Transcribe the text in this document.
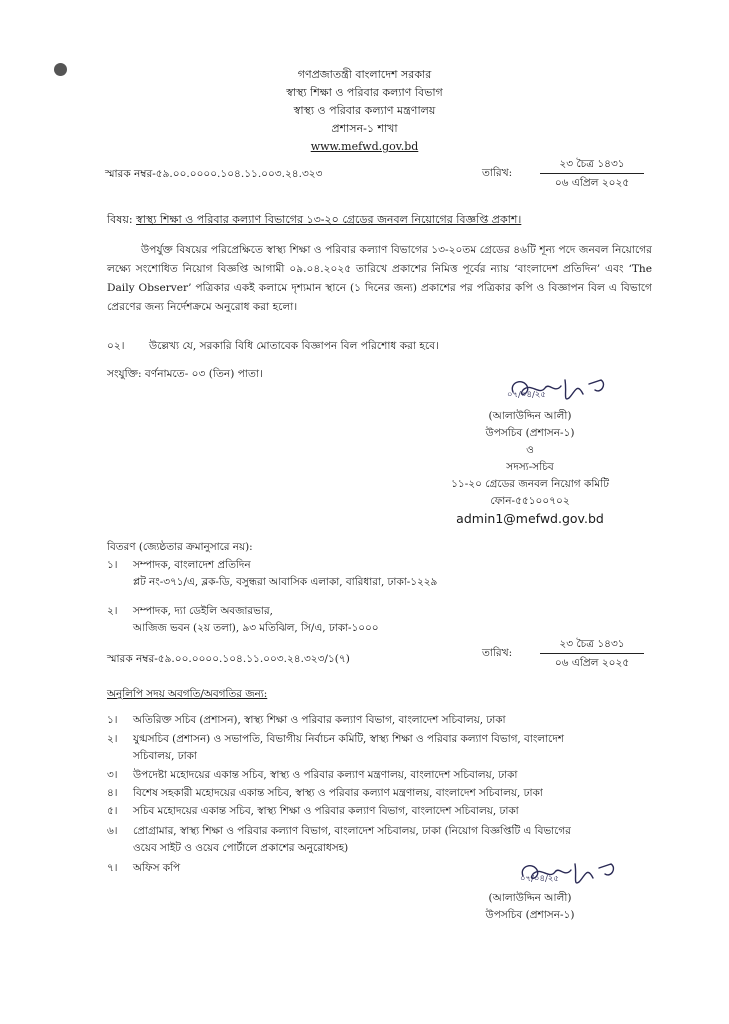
গণপ্রজাতন্ত্রী বাংলাদেশ সরকার
স্বাস্থ্য শিক্ষা ও পরিবার কল্যাণ বিভাগ
স্বাস্থ্য ও পরিবার কল্যাণ মন্ত্রণালয়
প্রশাসন-১ শাখা
www.mefwd.gov.bd
স্মারক নম্বর-৫৯.০০.০০০০.১০৪.১১.০০৩.২৪.৩২৩	তারিখ:
২৩ চৈত্র ১৪৩১
০৬ এপ্রিল ২০২৫
বিষয়: স্বাস্থ্য শিক্ষা ও পরিবার কল্যাণ বিভাগের ১৩-২০ গ্রেডের জনবল নিয়োগের বিজ্ঞপ্তি প্রকাশ।
উপর্যুক্ত বিষয়ের পরিপ্রেক্ষিতে স্বাস্থ্য শিক্ষা ও পরিবার কল্যাণ বিভাগের ১৩-২০তম গ্রেডের ৪৬টি শূন্য পদে জনবল নিয়োগের লক্ষ্যে সংশোধিত নিয়োগ বিজ্ঞপ্তি আগামী ০৯.০৪.২০২৫ তারিখে প্রকাশের নিমিত্ত পূর্বের ন্যায় ‘বাংলাদেশ প্রতিদিন’ এবং ‘The Daily Observer’ পত্রিকার একই কলামে দৃশ্যমান স্থানে (১ দিনের জন্য) প্রকাশের পর পত্রিকার কপি ও বিজ্ঞাপন বিল এ বিভাগে প্রেরণের জন্য নির্দেশক্রমে অনুরোধ করা হলো।
০২। উল্লেখ্য যে, সরকারি বিধি মোতাবেক বিজ্ঞাপন বিল পরিশোধ করা হবে।
সংযুক্তি: বর্ণনামতে- ০৩ (তিন) পাতা।
০৭/০৪/২৫
(আলাউদ্দিন আলী)
উপসচিব (প্রশাসন-১)
ও
সদস্য-সচিব
১১-২০ গ্রেডের জনবল নিয়োগ কমিটি
ফোন-৫৫১০০৭০২
admin1@mefwd.gov.bd
বিতরণ (জ্যেষ্ঠতার ক্রমানুসারে নয়):
১। সম্পাদক, বাংলাদেশ প্রতিদিন
প্লট নং-৩৭১/এ, ব্লক-ডি, বসুন্ধরা আবাসিক এলাকা, বারিধারা, ঢাকা-১২২৯
২। সম্পাদক, দ্যা ডেইলি অবজারভার,
আজিজ ভবন (২য় তলা), ৯৩ মতিঝিল, সি/এ, ঢাকা-১০০০
স্মারক নম্বর-৫৯.০০.০০০০.১০৪.১১.০০৩.২৪.৩২৩/১(৭)	তারিখ:
২৩ চৈত্র ১৪৩১
০৬ এপ্রিল ২০২৫
অনুলিপি সদয় অবগতি/অবগতির জন্য:
১। অতিরিক্ত সচিব (প্রশাসন), স্বাস্থ্য শিক্ষা ও পরিবার কল্যাণ বিভাগ, বাংলাদেশ সচিবালয়, ঢাকা
২। যুগ্মসচিব (প্রশাসন) ও সভাপতি, বিভাগীয় নির্বাচন কমিটি, স্বাস্থ্য শিক্ষা ও পরিবার কল্যাণ বিভাগ, বাংলাদেশ
সচিবালয়, ঢাকা
৩। উপদেষ্টা মহোদয়ের একান্ত সচিব, স্বাস্থ্য ও পরিবার কল্যাণ মন্ত্রণালয়, বাংলাদেশ সচিবালয়, ঢাকা
৪। বিশেষ সহকারী মহোদয়ের একান্ত সচিব, স্বাস্থ্য ও পরিবার কল্যাণ মন্ত্রণালয়, বাংলাদেশ সচিবালয়, ঢাকা
৫। সচিব মহোদয়ের একান্ত সচিব, স্বাস্থ্য শিক্ষা ও পরিবার কল্যাণ বিভাগ, বাংলাদেশ সচিবালয়, ঢাকা
৬। প্রোগ্রামার, স্বাস্থ্য শিক্ষা ও পরিবার কল্যাণ বিভাগ, বাংলাদেশ সচিবালয়, ঢাকা (নিয়োগ বিজ্ঞপ্তিটি এ বিভাগের
ওয়েব সাইট ও ওয়েব পোর্টালে প্রকাশের অনুরোধসহ)
৭। অফিস কপি
০৭/০৪/২৫
(আলাউদ্দিন আলী)
উপসচিব (প্রশাসন-১)
